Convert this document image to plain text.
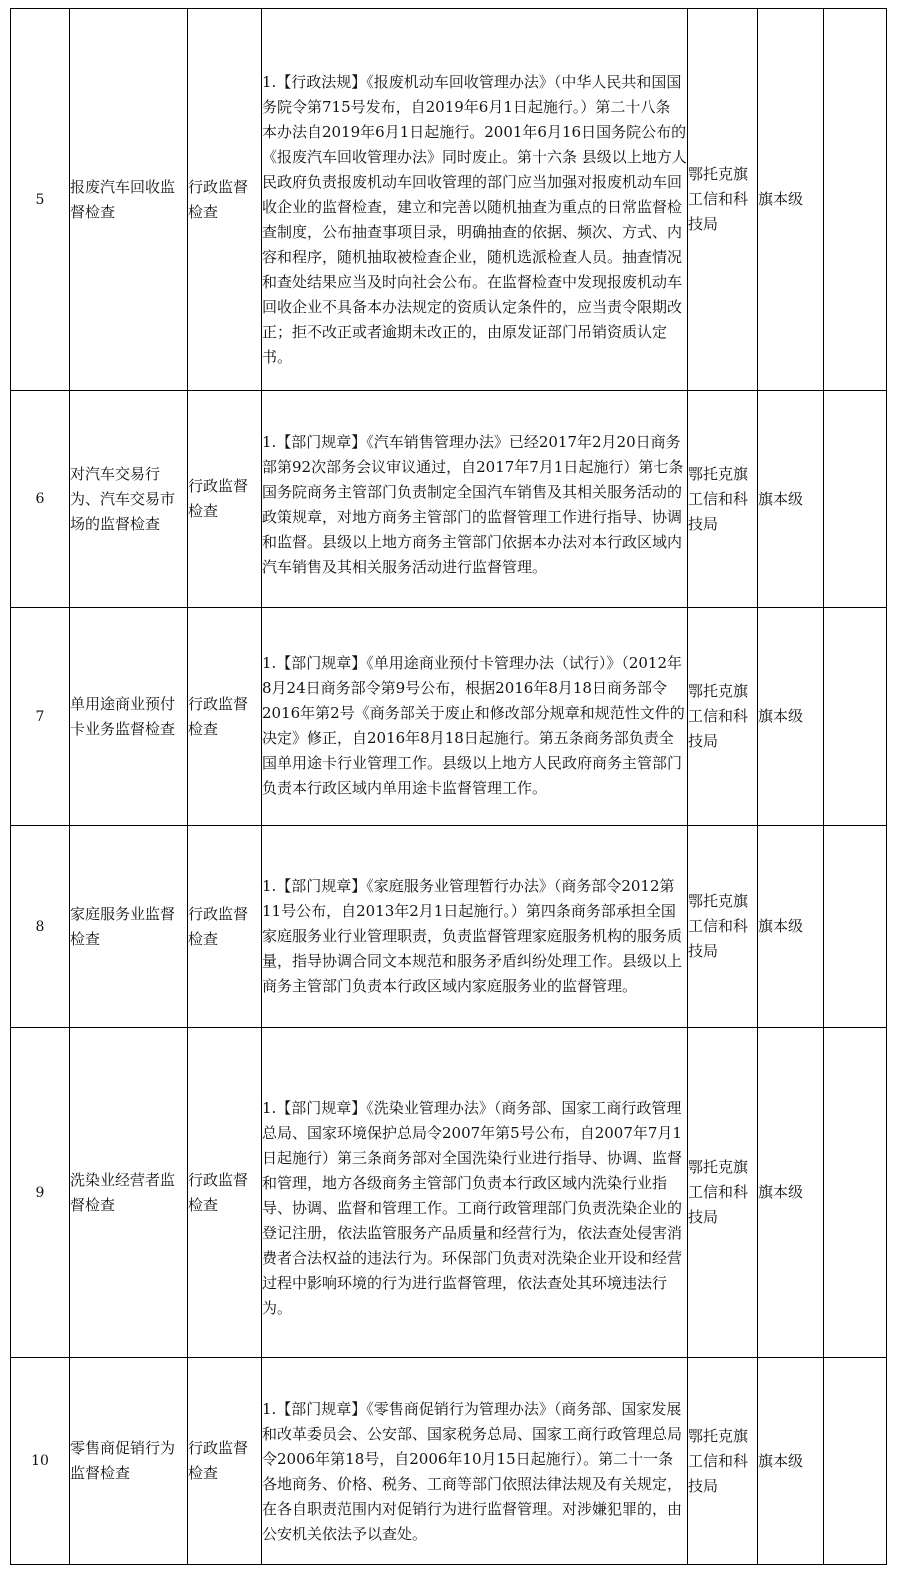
5	报废汽车回收监督检查	行政监督检查	1.【行政法规】《报废机动车回收管理办法》（中华人民共和国国务院令第715号发布，自2019年6月1日起施行。）第二十八条 本办法自2019年6月1日起施行。2001年6月16日国务院公布的《报废汽车回收管理办法》同时废止。第十六条 县级以上地方人民政府负责报废机动车回收管理的部门应当加强对报废机动车回收企业的监督检查，建立和完善以随机抽查为重点的日常监督检查制度，公布抽查事项目录，明确抽查的依据、频次、方式、内容和程序，随机抽取被检查企业，随机选派检查人员。抽查情况和查处结果应当及时向社会公布。在监督检查中发现报废机动车回收企业不具备本办法规定的资质认定条件的，应当责令限期改正；拒不改正或者逾期未改正的，由原发证部门吊销资质认定书。	鄂托克旗工信和科技局	旗本级	
6	对汽车交易行为、汽车交易市场的监督检查	行政监督检查	1.【部门规章】《汽车销售管理办法》已经2017年2月20日商务部第92次部务会议审议通过，自2017年7月1日起施行）第七条国务院商务主管部门负责制定全国汽车销售及其相关服务活动的政策规章，对地方商务主管部门的监督管理工作进行指导、协调和监督。县级以上地方商务主管部门依据本办法对本行政区域内汽车销售及其相关服务活动进行监督管理。	鄂托克旗工信和科技局	旗本级	
7	单用途商业预付卡业务监督检查	行政监督检查	1.【部门规章】《单用途商业预付卡管理办法（试行）》（2012年8月24日商务部令第9号公布，根据2016年8月18日商务部令2016年第2号《商务部关于废止和修改部分规章和规范性文件的决定》修正，自2016年8月18日起施行。第五条商务部负责全国单用途卡行业管理工作。县级以上地方人民政府商务主管部门负责本行政区域内单用途卡监督管理工作。	鄂托克旗工信和科技局	旗本级	
8	家庭服务业监督检查	行政监督检查	1.【部门规章】《家庭服务业管理暂行办法》（商务部令2012第11号公布，自2013年2月1日起施行。）第四条商务部承担全国家庭服务业行业管理职责，负责监督管理家庭服务机构的服务质量，指导协调合同文本规范和服务矛盾纠纷处理工作。县级以上商务主管部门负责本行政区域内家庭服务业的监督管理。	鄂托克旗工信和科技局	旗本级	
9	洗染业经营者监督检查	行政监督检查	1.【部门规章】《洗染业管理办法》（商务部、国家工商行政管理总局、国家环境保护总局令2007年第5号公布，自2007年7月1日起施行）第三条商务部对全国洗染行业进行指导、协调、监督和管理，地方各级商务主管部门负责本行政区域内洗染行业指导、协调、监督和管理工作。工商行政管理部门负责洗染企业的登记注册，依法监管服务产品质量和经营行为，依法查处侵害消费者合法权益的违法行为。环保部门负责对洗染企业开设和经营过程中影响环境的行为进行监督管理，依法查处其环境违法行为。	鄂托克旗工信和科技局	旗本级	
10	零售商促销行为监督检查	行政监督检查	1.【部门规章】《零售商促销行为管理办法》（商务部、国家发展和改革委员会、公安部、国家税务总局、国家工商行政管理总局令2006年第18号，自2006年10月15日起施行）。第二十一条各地商务、价格、税务、工商等部门依照法律法规及有关规定，在各自职责范围内对促销行为进行监督管理。对涉嫌犯罪的，由公安机关依法予以查处。	鄂托克旗工信和科技局	旗本级	
